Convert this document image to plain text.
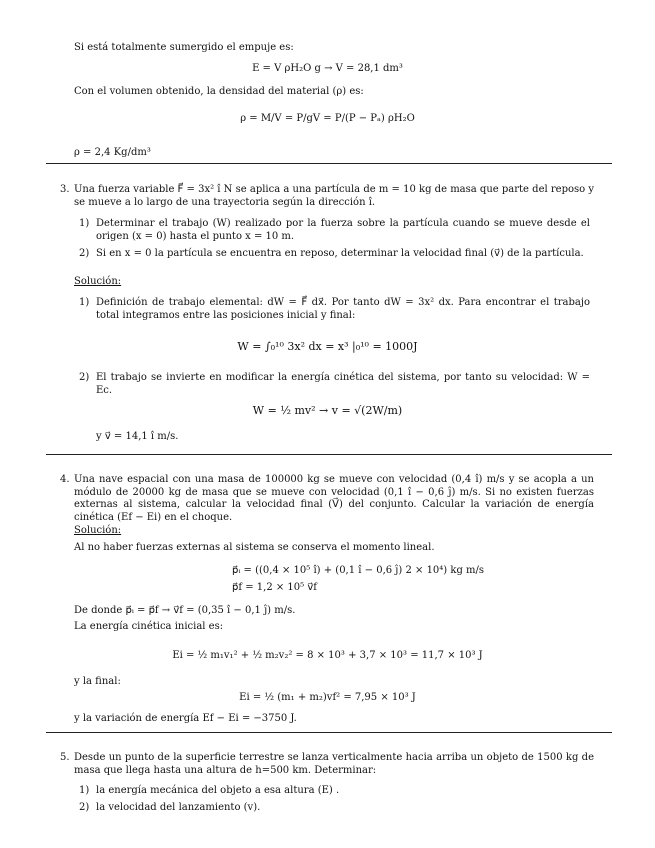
Si está totalmente sumergido el empuje es:
E = V ρH₂O g → V = 28,1 dm³
Con el volumen obtenido, la densidad del material (ρ) es:
ρ = M/V = P/gV = P/(P − Pₐ) ρH₂O
ρ = 2,4 Kg/dm³
3. Una fuerza variable F⃗ = 3x² î N se aplica a una partícula de m = 10 kg de masa que parte del reposo y se mueve a lo largo de una trayectoria según la dirección î.
1) Determinar el trabajo (W) realizado por la fuerza sobre la partícula cuando se mueve desde el origen (x = 0) hasta el punto x = 10 m.
2) Si en x = 0 la partícula se encuentra en reposo, determinar la velocidad final (v⃗) de la partícula.
Solución:
1) Definición de trabajo elemental: dW = F⃗ dx⃗. Por tanto dW = 3x² dx. Para encontrar el trabajo total integramos entre las posiciones inicial y final:
W = ∫₀¹⁰ 3x² dx = x³ |₀¹⁰ = 1000J
2) El trabajo se invierte en modificar la energía cinética del sistema, por tanto su velocidad: W = Ec.
W = ½ mv² → v = √(2W/m)
y v⃗ = 14,1 î m/s.
4. Una nave espacial con una masa de 100000 kg se mueve con velocidad (0,4 î) m/s y se acopla a un módulo de 20000 kg de masa que se mueve con velocidad (0,1 î − 0,6 ĵ) m/s. Si no existen fuerzas externas al sistema, calcular la velocidad final (V⃗) del conjunto. Calcular la variación de energía cinética (Ef − Ei) en el choque.
Solución:
Al no haber fuerzas externas al sistema se conserva el momento lineal.
p⃗ᵢ = ((0,4 × 10⁵ î) + (0,1 î − 0,6 ĵ) 2 × 10⁴) kg m/s
p⃗f = 1,2 × 10⁵ v⃗f
De donde p⃗ᵢ = p⃗f → v⃗f = (0,35 î − 0,1 ĵ) m/s.
La energía cinética inicial es:
Ei = ½ m₁v₁² + ½ m₂v₂² = 8 × 10³ + 3,7 × 10³ = 11,7 × 10³ J
y la final:
Ei = ½ (m₁ + m₂)vf² = 7,95 × 10³ J
y la variación de energía Ef − Ei = −3750 J.
5. Desde un punto de la superficie terrestre se lanza verticalmente hacia arriba un objeto de 1500 kg de masa que llega hasta una altura de h=500 km. Determinar:
1) la energía mecánica del objeto a esa altura (E) .
2) la velocidad del lanzamiento (v).
